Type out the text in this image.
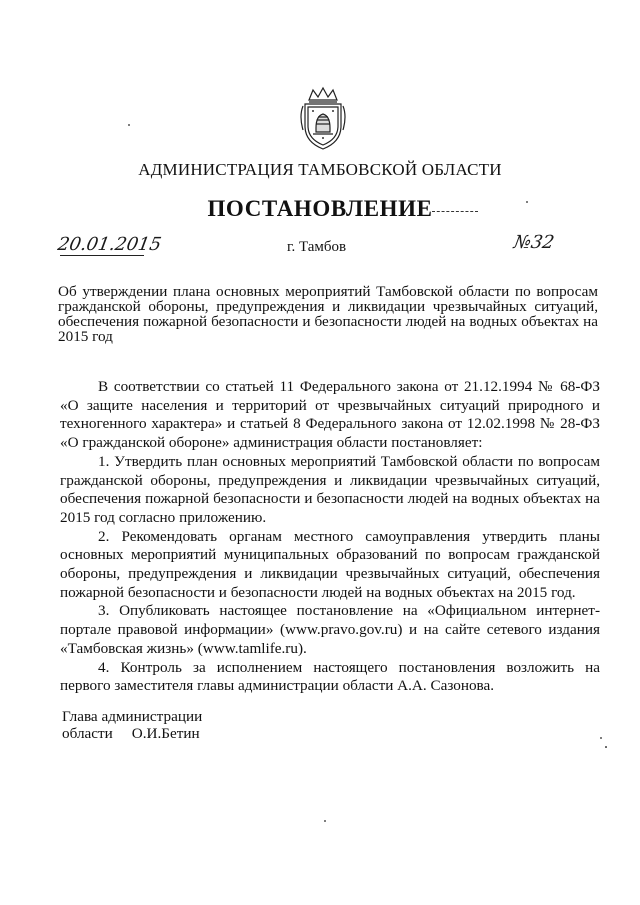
АДМИНИСТРАЦИЯ ТАМБОВСКОЙ ОБЛАСТИ
ПОСТАНОВЛЕНИЕ
20.01.2015	г. Тамбов	№32
Об утверждении плана основных мероприятий Тамбовской области по вопросам гражданской обороны, предупреждения и ликвидации чрезвычайных ситуаций, обеспечения пожарной безопасности и безопасности людей на водных объектах на 2015 год

В соответствии со статьей 11 Федерального закона от 21.12.1994 № 68-ФЗ «О защите населения и территорий от чрезвычайных ситуаций природного и техногенного характера» и статьей 8 Федерального закона от 12.02.1998 № 28-ФЗ «О гражданской обороне» администрация области постановляет:

1. Утвердить план основных мероприятий Тамбовской области по вопросам гражданской обороны, предупреждения и ликвидации чрезвычайных ситуаций, обеспечения пожарной безопасности и безопасности людей на водных объектах на 2015 год согласно приложению.

2. Рекомендовать органам местного самоуправления утвердить планы основных мероприятий муниципальных образований по вопросам гражданской обороны, предупреждения и ликвидации чрезвычайных ситуаций, обеспечения пожарной безопасности и безопасности людей на водных объектах на 2015 год.

3. Опубликовать настоящее постановление на «Официальном интернет-портале правовой информации» (www.pravo.gov.ru) и на сайте сетевого издания «Тамбовская жизнь» (www.tamlife.ru).

4. Контроль за исполнением настоящего постановления возложить на первого заместителя главы администрации области А.А. Сазонова.

Глава администрации
области     О.И.Бетин
